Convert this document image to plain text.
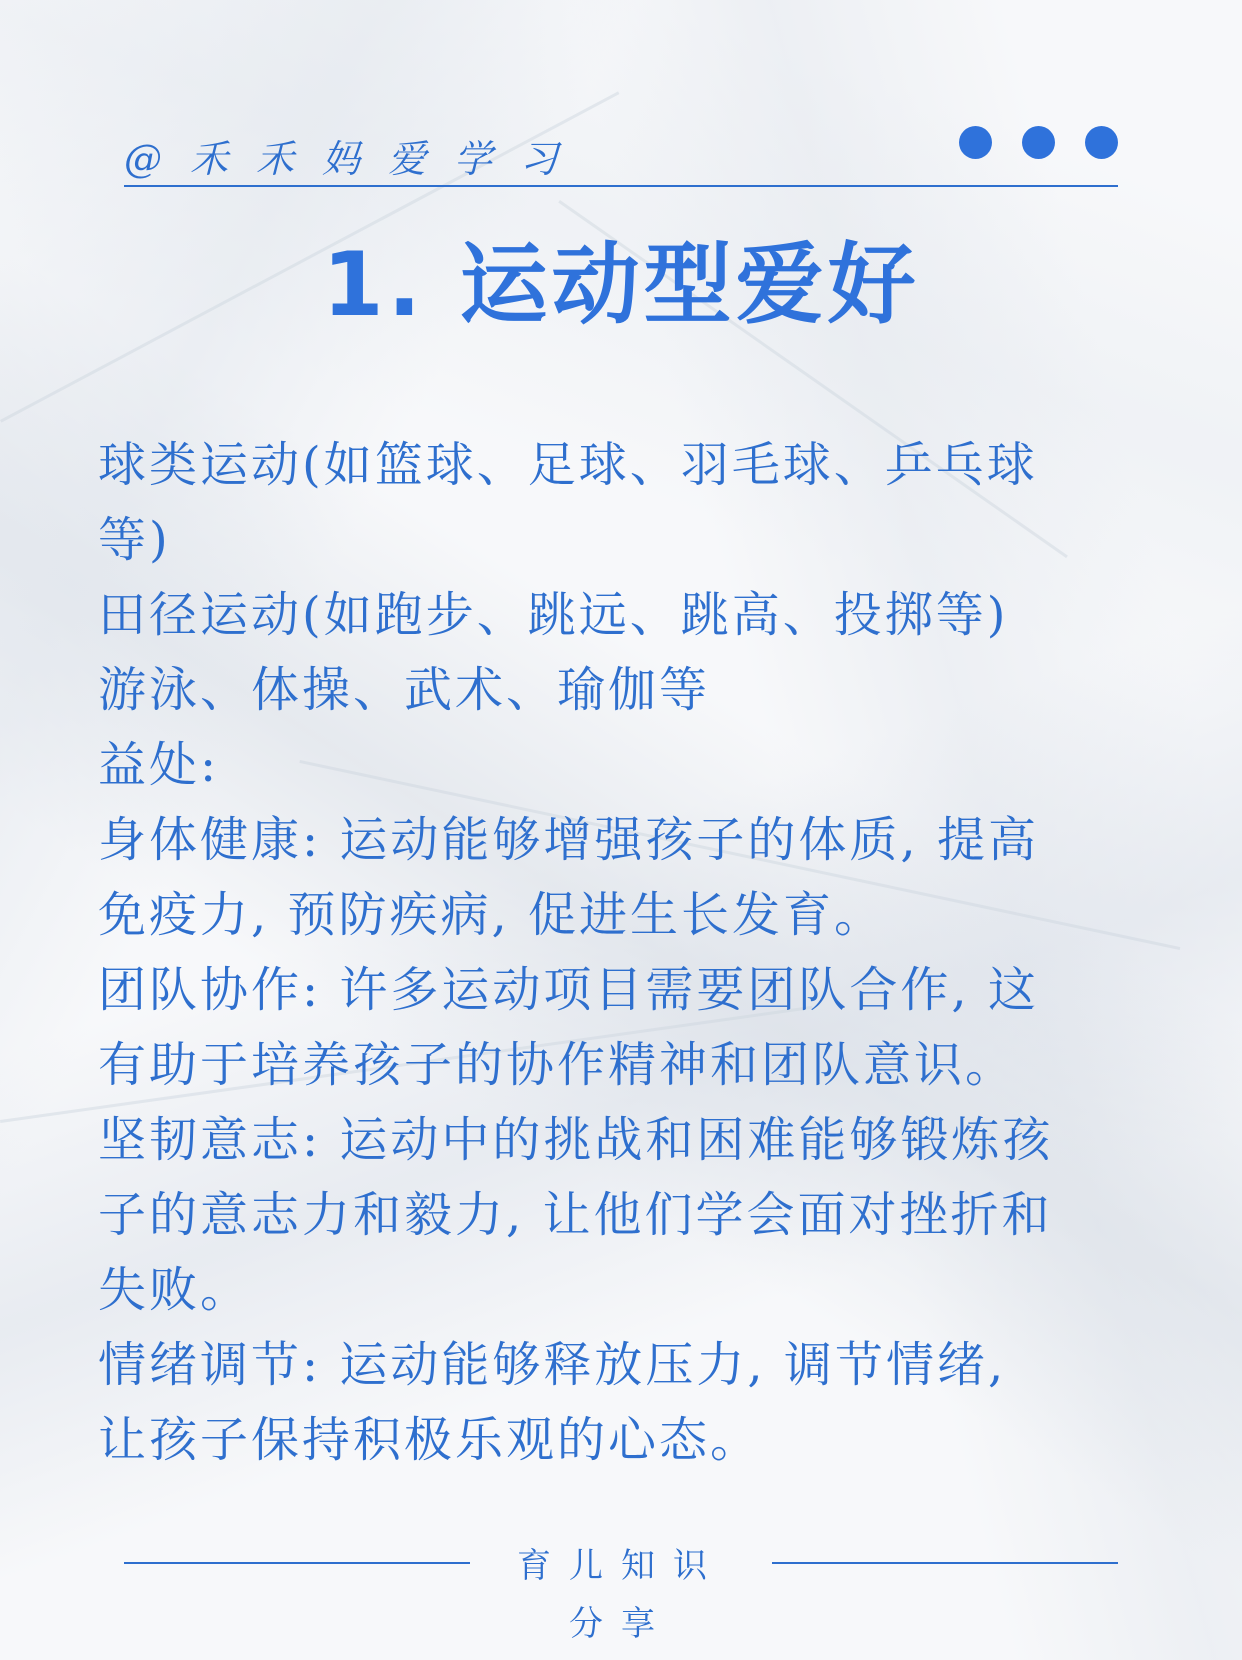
@禾禾妈爱学习
1. 运动型爱好
球类运动(如篮球、足球、羽毛球、乒乓球
等)
田径运动(如跑步、跳远、跳高、投掷等)
游泳、体操、武术、瑜伽等
益处:
身体健康: 运动能够增强孩子的体质, 提高
免疫力, 预防疾病, 促进生长发育。
团队协作: 许多运动项目需要团队合作, 这
有助于培养孩子的协作精神和团队意识。
坚韧意志: 运动中的挑战和困难能够锻炼孩
子的意志力和毅力, 让他们学会面对挫折和
失败。
情绪调节: 运动能够释放压力, 调节情绪,
让孩子保持积极乐观的心态。
育儿知识
分享
